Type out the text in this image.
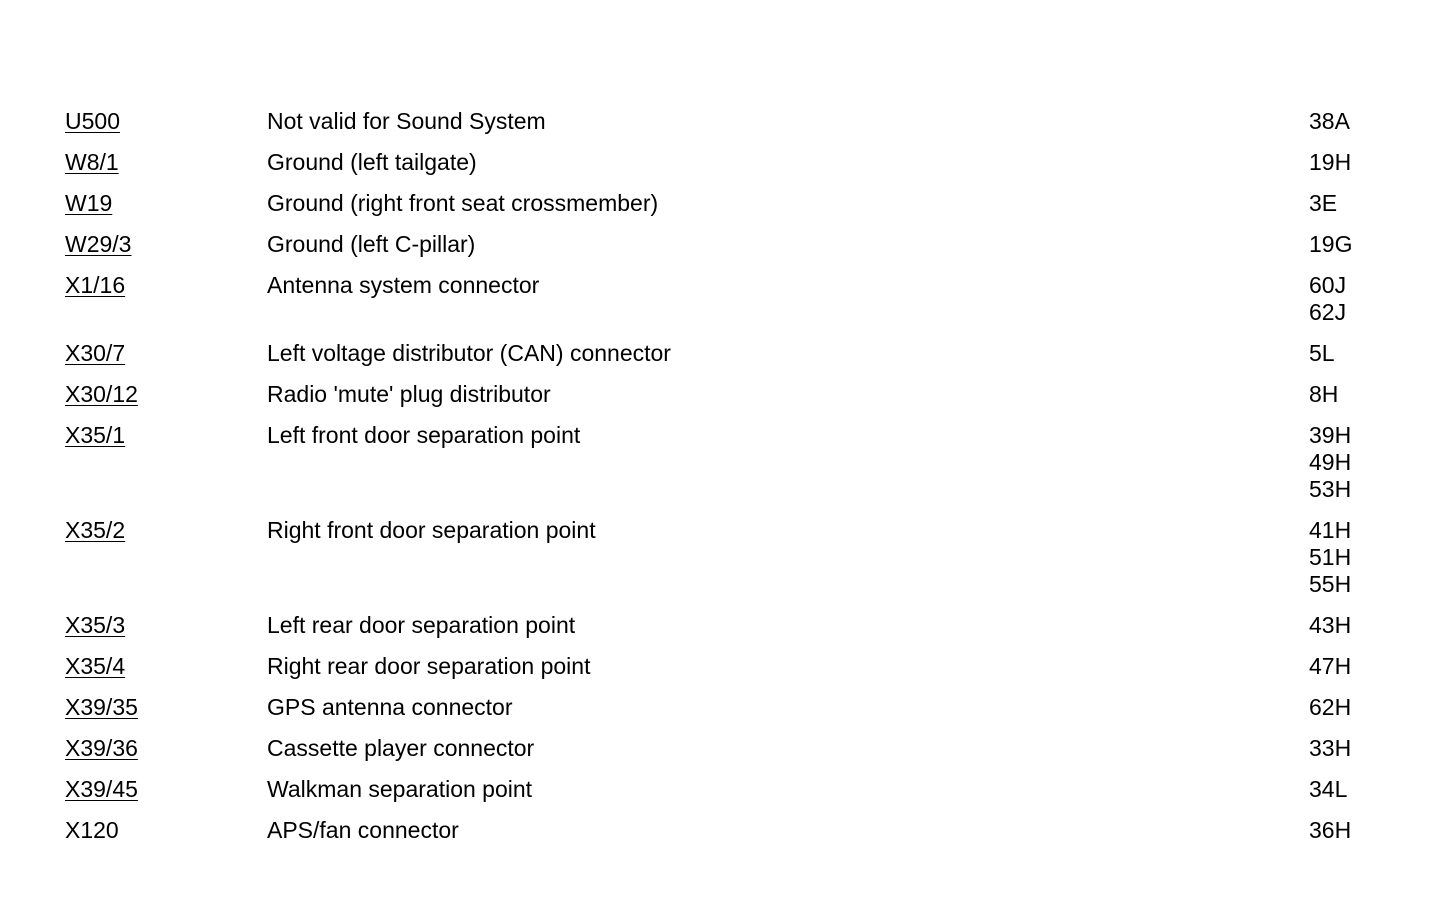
U500	Not valid for Sound System	38A
W8/1	Ground (left tailgate)	19H
W19	Ground (right front seat crossmember)	3E
W29/3	Ground (left C-pillar)	19G
X1/16	Antenna system connector	60J
62J
X30/7	Left voltage distributor (CAN) connector	5L
X30/12	Radio 'mute' plug distributor	8H
X35/1	Left front door separation point	39H
49H
53H
X35/2	Right front door separation point	41H
51H
55H
X35/3	Left rear door separation point	43H
X35/4	Right rear door separation point	47H
X39/35	GPS antenna connector	62H
X39/36	Cassette player connector	33H
X39/45	Walkman separation point	34L
X120	APS/fan connector	36H
